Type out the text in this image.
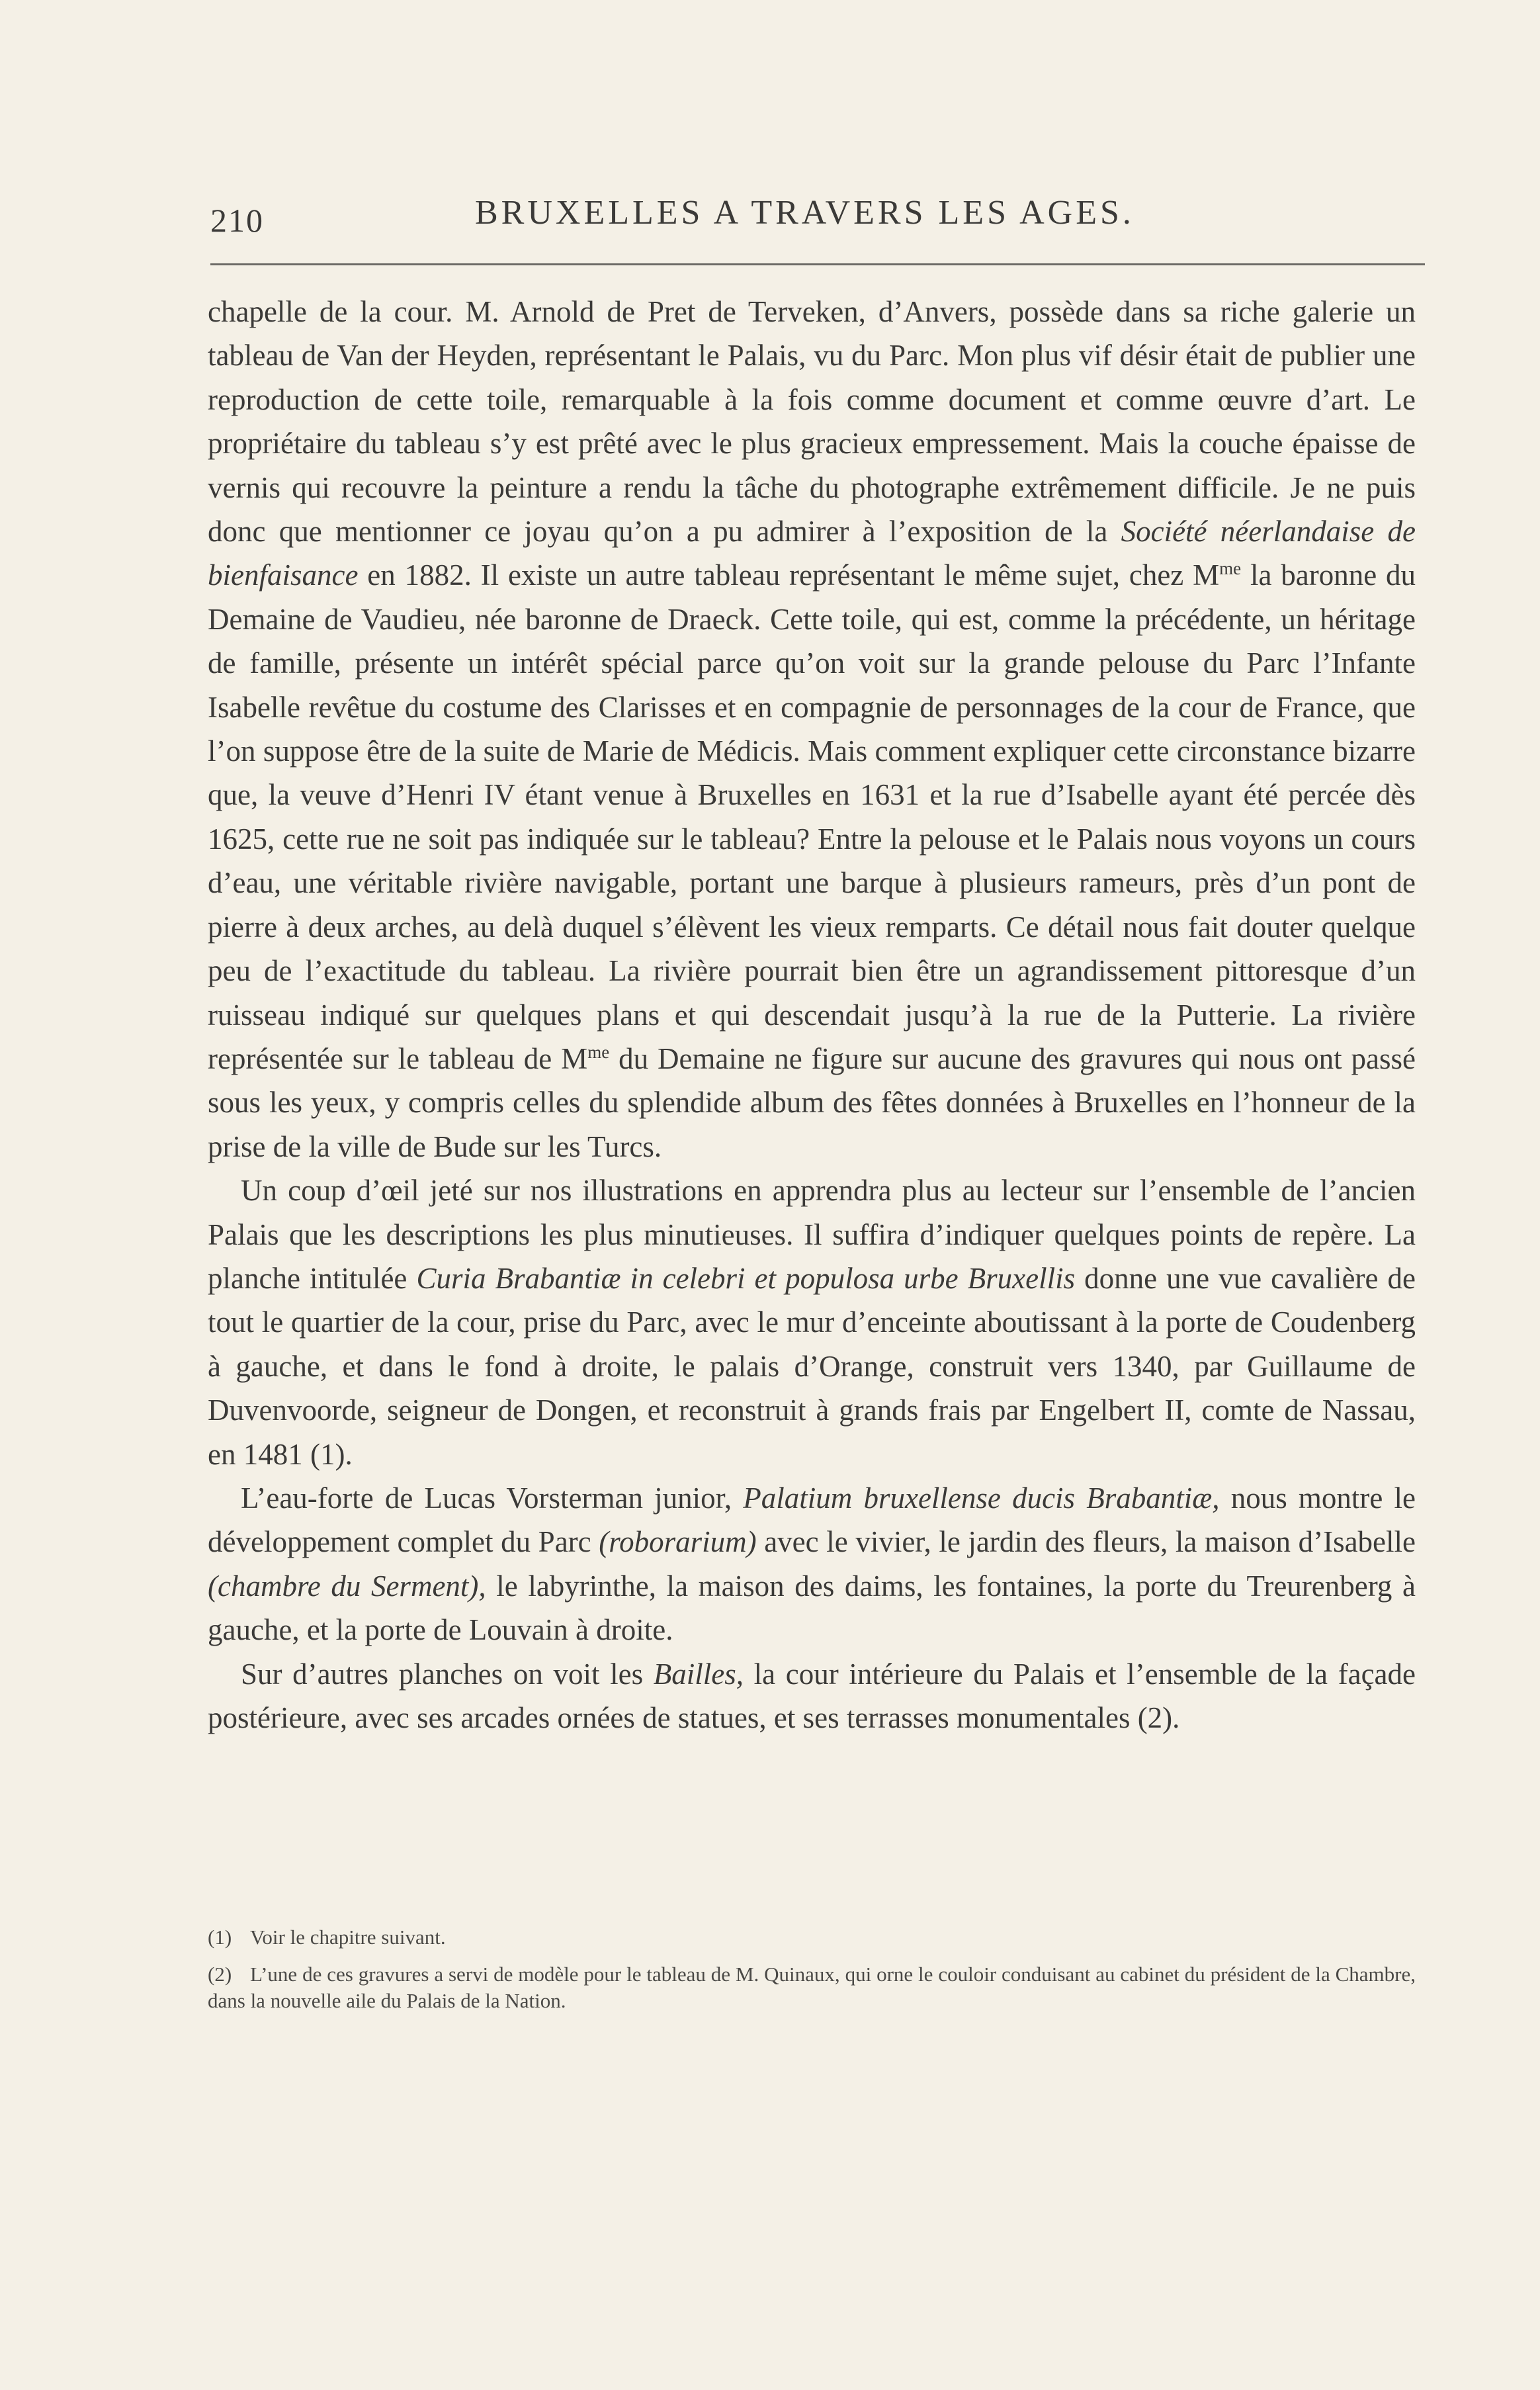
210	BRUXELLES A TRAVERS LES AGES.

chapelle de la cour. M. Arnold de Pret de Terveken, d’Anvers, possède dans sa riche galerie un tableau de Van der Heyden, représentant le Palais, vu du Parc. Mon plus vif désir était de publier une reproduction de cette toile, remarquable à la fois comme document et comme œuvre d’art. Le propriétaire du tableau s’y est prêté avec le plus gracieux empressement. Mais la couche épaisse de vernis qui recouvre la peinture a rendu la tâche du photographe extrêmement difficile. Je ne puis donc que mentionner ce joyau qu’on a pu admirer à l’exposition de la Société néerlandaise de bienfaisance en 1882. Il existe un autre tableau représentant le même sujet, chez $M^{me}$ la baronne du Demaine de Vaudieu, née baronne de Draeck. Cette toile, qui est, comme la précédente, un héritage de famille, présente un intérêt spécial parce qu’on voit sur la grande pelouse du Parc l’Infante Isabelle revêtue du costume des Clarisses et en compagnie de personnages de la cour de France, que l’on suppose être de la suite de Marie de Médicis. Mais comment expliquer cette circonstance bizarre que, la veuve d’Henri IV étant venue à Bruxelles en 1631 et la rue d’Isabelle ayant été percée dès 1625, cette rue ne soit pas indiquée sur le tableau? Entre la pelouse et le Palais nous voyons un cours d’eau, une véritable rivière navigable, portant une barque à plusieurs rameurs, près d’un pont de pierre à deux arches, au delà duquel s’élèvent les vieux remparts. Ce détail nous fait douter quelque peu de l’exactitude du tableau. La rivière pourrait bien être un agrandissement pittoresque d’un ruisseau indiqué sur quelques plans et qui descendait jusqu’à la rue de la Putterie. La rivière représentée sur le tableau de $M^{me}$ du Demaine ne figure sur aucune des gravures qui nous ont passé sous les yeux, y compris celles du splendide album des fêtes données à Bruxelles en l’honneur de la prise de la ville de Bude sur les Turcs.

Un coup d’œil jeté sur nos illustrations en apprendra plus au lecteur sur l’ensemble de l’ancien Palais que les descriptions les plus minutieuses. Il suffira d’indiquer quelques points de repère. La planche intitulée Curia Brabantiæ in celebri et populosa urbe Bruxellis donne une vue cavalière de tout le quartier de la cour, prise du Parc, avec le mur d’enceinte aboutissant à la porte de Coudenberg à gauche, et dans le fond à droite, le palais d’Orange, construit vers 1340, par Guillaume de Duvenvoorde, seigneur de Dongen, et reconstruit à grands frais par Engelbert II, comte de Nassau, en 1481 (1).

L’eau-forte de Lucas Vorsterman junior, Palatium bruxellense ducis Brabantiæ, nous montre le développement complet du Parc (roborarium) avec le vivier, le jardin des fleurs, la maison d’Isabelle (chambre du Serment), le labyrinthe, la maison des daims, les fontaines, la porte du Treurenberg à gauche, et la porte de Louvain à droite.

Sur d’autres planches on voit les Bailles, la cour intérieure du Palais et l’ensemble de la façade postérieure, avec ses arcades ornées de statues, et ses terrasses monumentales (2).

(1) Voir le chapitre suivant.

(2) L’une de ces gravures a servi de modèle pour le tableau de M. Quinaux, qui orne le couloir conduisant au cabinet du président de la Chambre, dans la nouvelle aile du Palais de la Nation.
